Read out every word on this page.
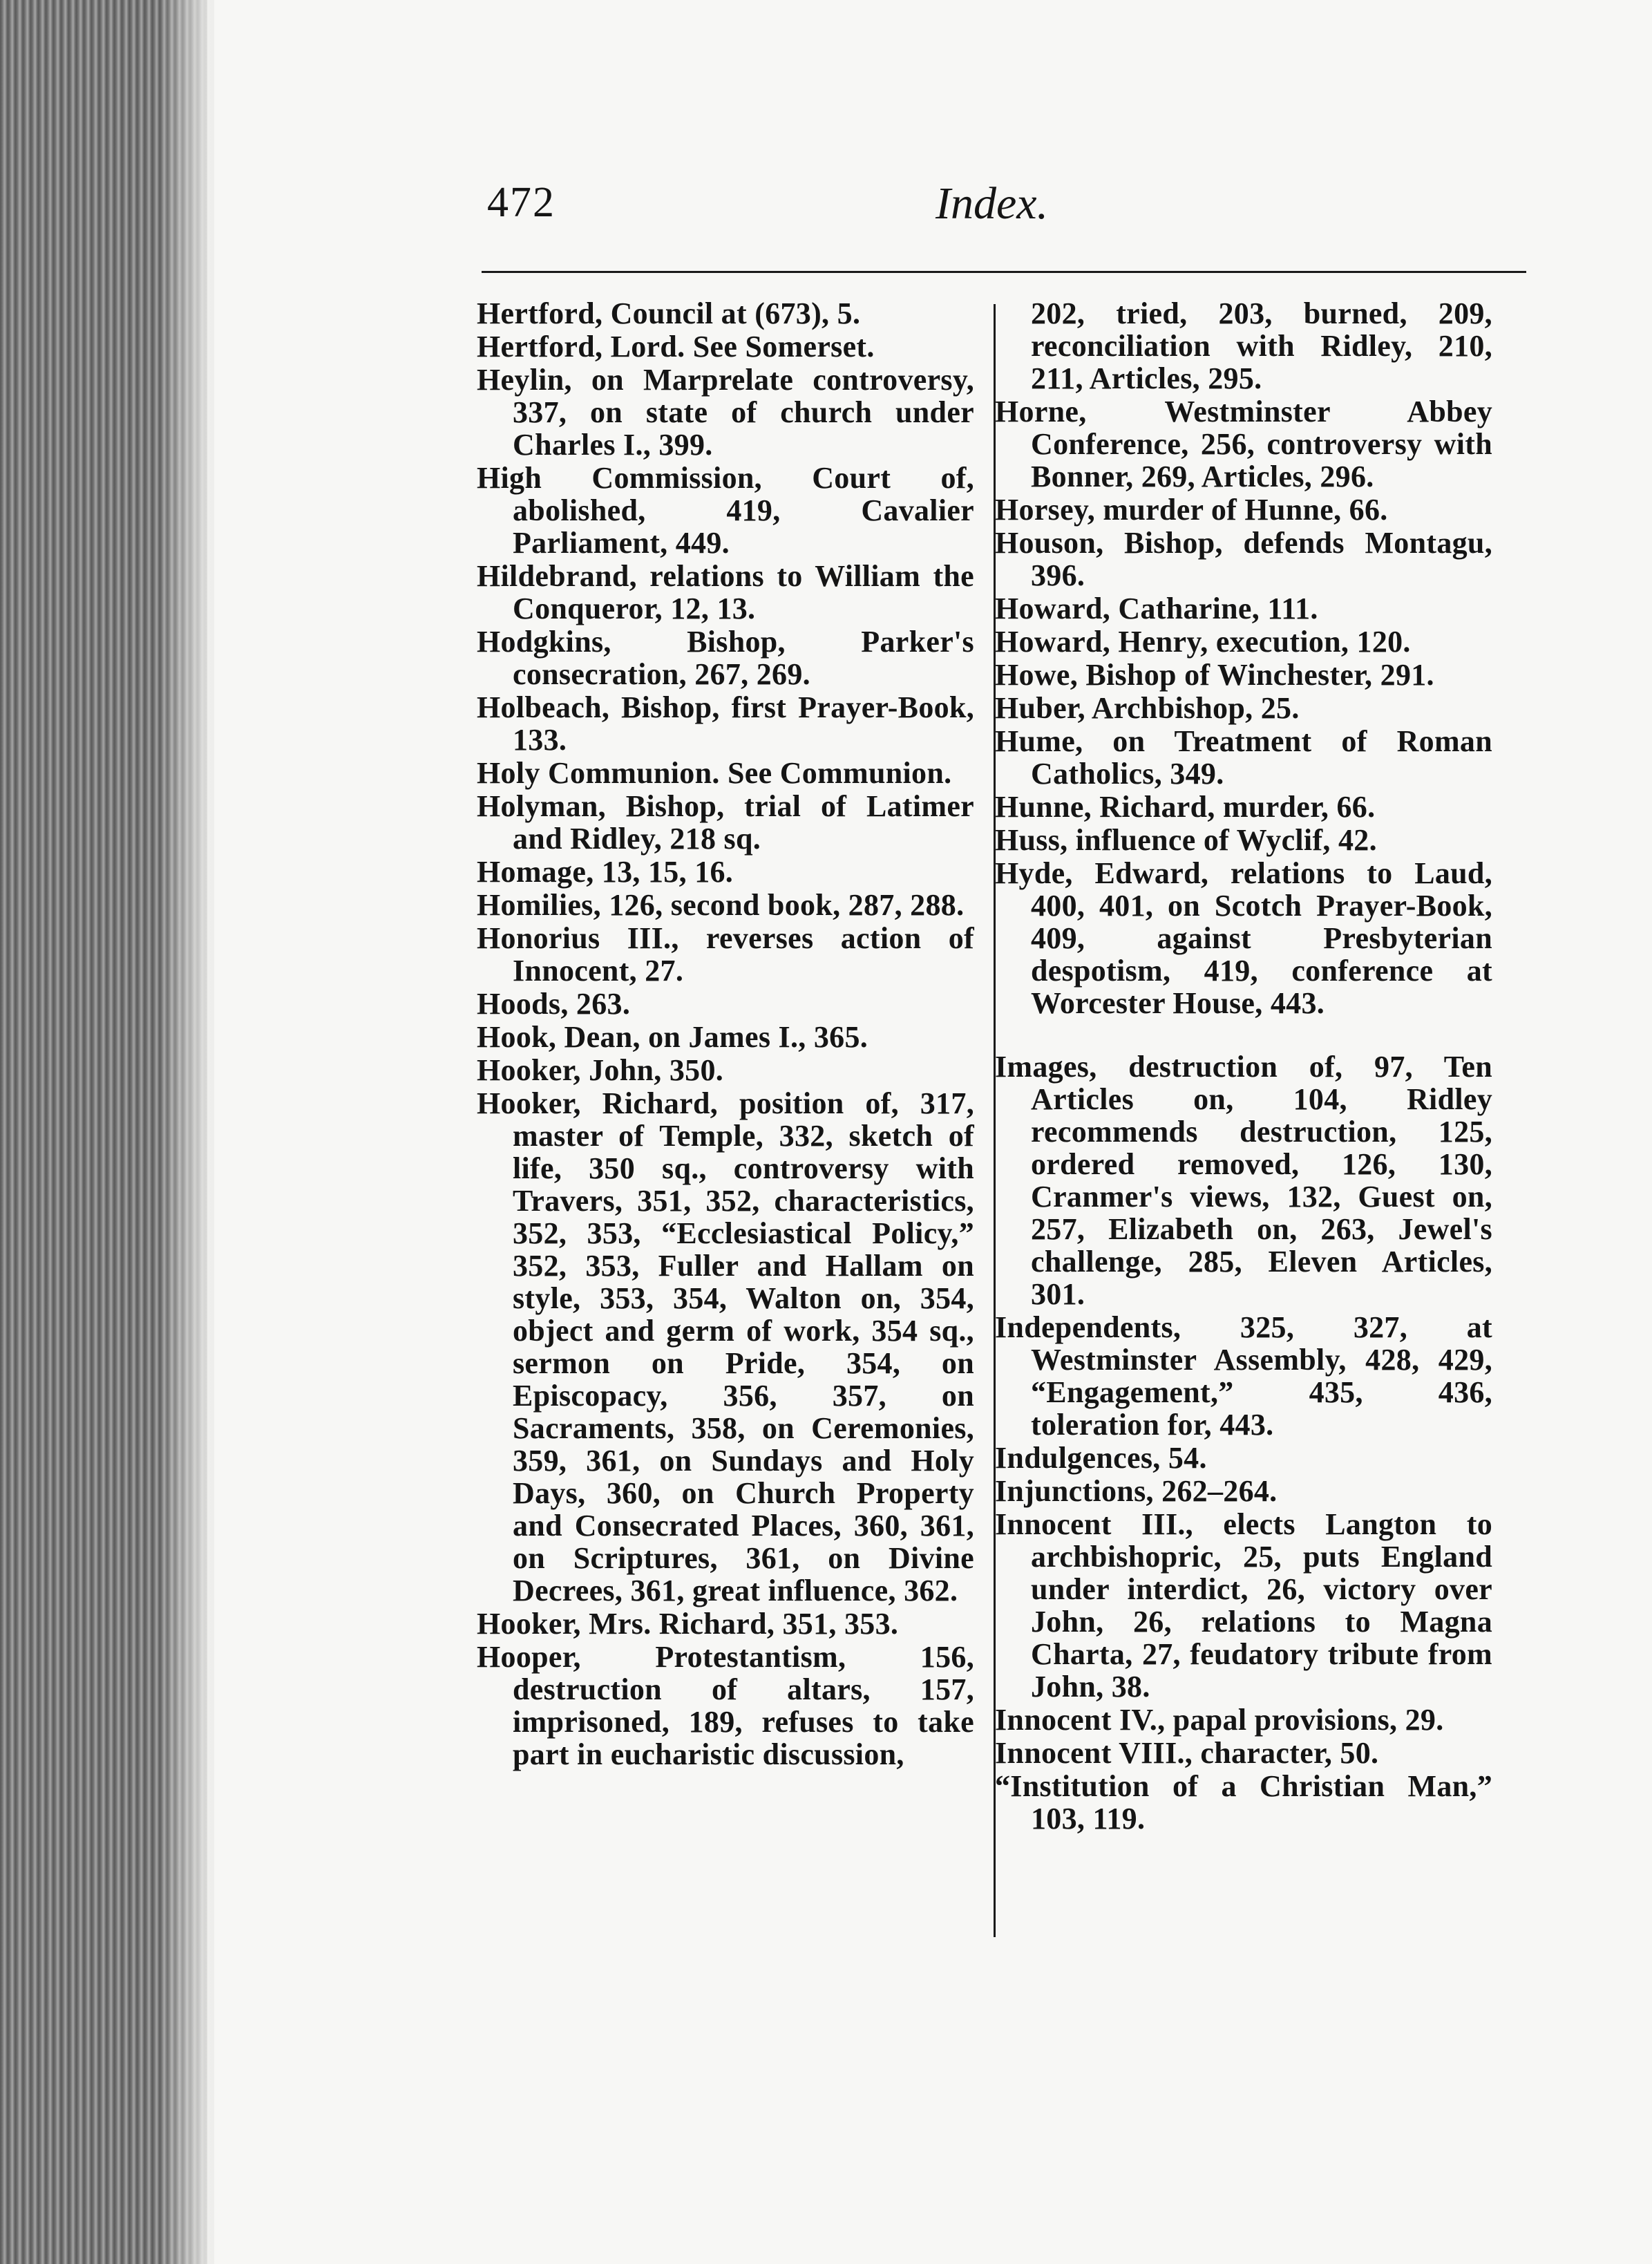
472	Index.

Hertford, Council at (673), 5.

Hertford, Lord. See Somerset.

Heylin, on Marprelate controversy, 337, on state of church under Charles I., 399.

High Commission, Court of, abolished, 419, Cavalier Parliament, 449.

Hildebrand, relations to William the Conqueror, 12, 13.

Hodgkins, Bishop, Parker's consecration, 267, 269.

Holbeach, Bishop, first Prayer-Book, 133.

Holy Communion. See Communion.

Holyman, Bishop, trial of Latimer and Ridley, 218 sq.

Homage, 13, 15, 16.

Homilies, 126, second book, 287, 288.

Honorius III., reverses action of Innocent, 27.

Hoods, 263.

Hook, Dean, on James I., 365.

Hooker, John, 350.

Hooker, Richard, position of, 317, master of Temple, 332, sketch of life, 350 sq., controversy with Travers, 351, 352, characteristics, 352, 353, “Ecclesiastical Policy,” 352, 353, Fuller and Hallam on style, 353, 354, Walton on, 354, object and germ of work, 354 sq., sermon on Pride, 354, on Episcopacy, 356, 357, on Sacraments, 358, on Ceremonies, 359, 361, on Sundays and Holy Days, 360, on Church Property and Consecrated Places, 360, 361, on Scriptures, 361, on Divine Decrees, 361, great influence, 362.

Hooker, Mrs. Richard, 351, 353.

Hooper, Protestantism, 156, destruction of altars, 157, imprisoned, 189, refuses to take part in eucharistic discussion,

202, tried, 203, burned, 209, reconciliation with Ridley, 210, 211, Articles, 295.

Horne, Westminster Abbey Conference, 256, controversy with Bonner, 269, Articles, 296.

Horsey, murder of Hunne, 66.

Houson, Bishop, defends Montagu, 396.

Howard, Catharine, 111.

Howard, Henry, execution, 120.

Howe, Bishop of Winchester, 291.

Huber, Archbishop, 25.

Hume, on Treatment of Roman Catholics, 349.

Hunne, Richard, murder, 66.

Huss, influence of Wyclif, 42.

Hyde, Edward, relations to Laud, 400, 401, on Scotch Prayer-Book, 409, against Presbyterian despotism, 419, conference at Worcester House, 443.

Images, destruction of, 97, Ten Articles on, 104, Ridley recommends destruction, 125, ordered removed, 126, 130, Cranmer's views, 132, Guest on, 257, Elizabeth on, 263, Jewel's challenge, 285, Eleven Articles, 301.

Independents, 325, 327, at Westminster Assembly, 428, 429, “Engagement,” 435, 436, toleration for, 443.

Indulgences, 54.

Injunctions, 262–264.

Innocent III., elects Langton to archbishopric, 25, puts England under interdict, 26, victory over John, 26, relations to Magna Charta, 27, feudatory tribute from John, 38.

Innocent IV., papal provisions, 29.

Innocent VIII., character, 50.

“Institution of a Christian Man,” 103, 119.
